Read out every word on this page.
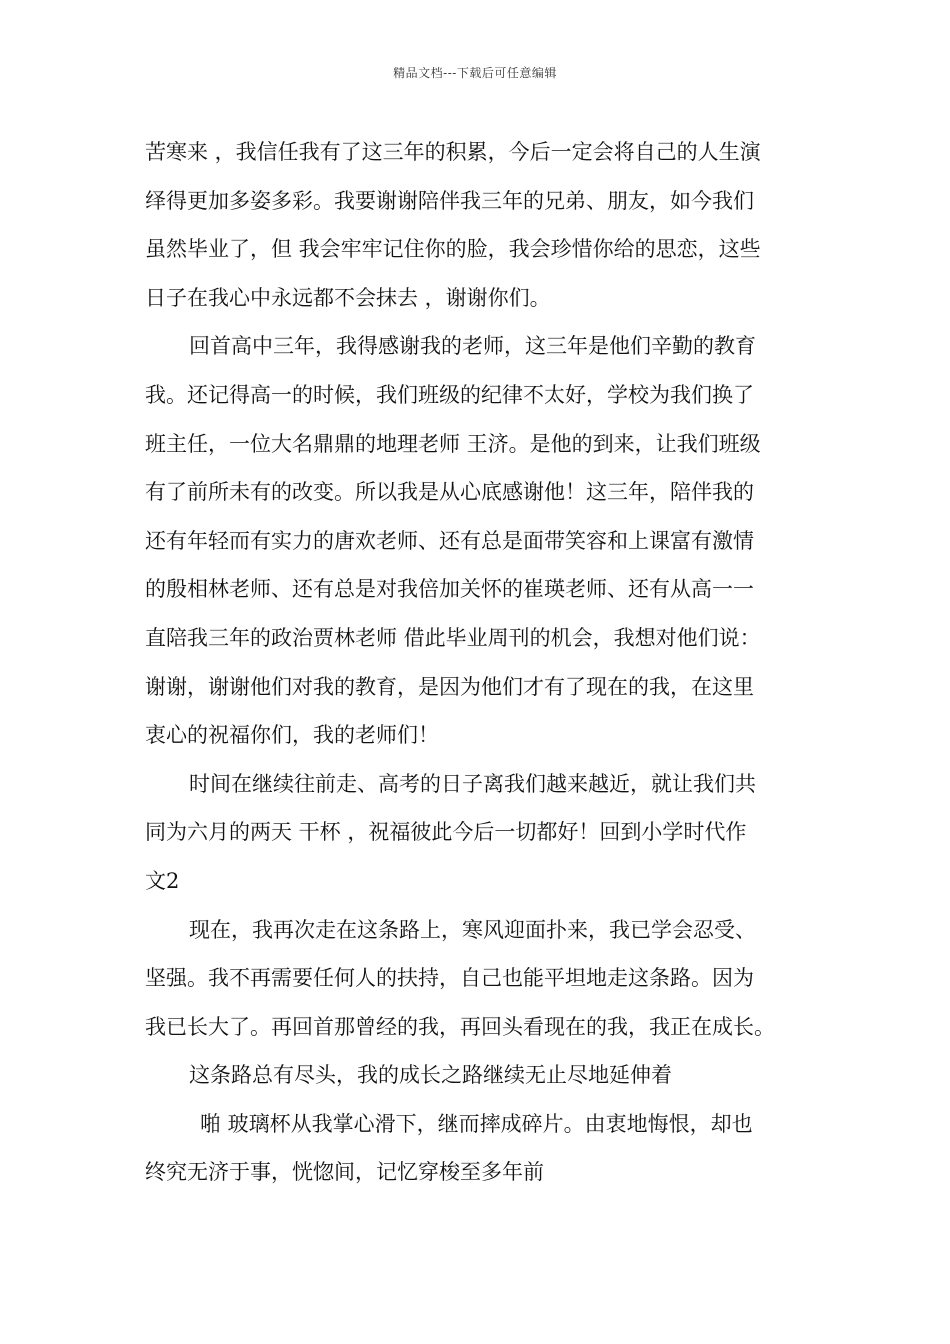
精品文档---下载后可任意编辑
苦寒来 ，我信任我有了这三年的积累，今后一定会将自己的人生演
绎得更加多姿多彩。我要谢谢陪伴我三年的兄弟、朋友，如今我们
虽然毕业了，但 我会牢牢记住你的脸，我会珍惜你给的思恋，这些
日子在我心中永远都不会抹去 ，谢谢你们。
回首高中三年，我得感谢我的老师，这三年是他们辛勤的教育
我。还记得高一的时候，我们班级的纪律不太好，学校为我们换了
班主任，一位大名鼎鼎的地理老师 王济。是他的到来，让我们班级
有了前所未有的改变。所以我是从心底感谢他！这三年，陪伴我的
还有年轻而有实力的唐欢老师、还有总是面带笑容和上课富有激情
的殷相林老师、还有总是对我倍加关怀的崔瑛老师、还有从高一一
直陪我三年的政治贾林老师 借此毕业周刊的机会，我想对他们说：
谢谢，谢谢他们对我的教育，是因为他们才有了现在的我，在这里
衷心的祝福你们，我的老师们！
时间在继续往前走、高考的日子离我们越来越近，就让我们共
同为六月的两天 干杯 ，祝福彼此今后一切都好！回到小学时代作
文2
现在，我再次走在这条路上，寒风迎面扑来，我已学会忍受、
坚强。我不再需要任何人的扶持，自己也能平坦地走这条路。因为
我已长大了。再回首那曾经的我，再回头看现在的我，我正在成长。
这条路总有尽头，我的成长之路继续无止尽地延伸着
啪 玻璃杯从我掌心滑下，继而摔成碎片。由衷地悔恨，却也
终究无济于事，恍惚间，记忆穿梭至多年前
